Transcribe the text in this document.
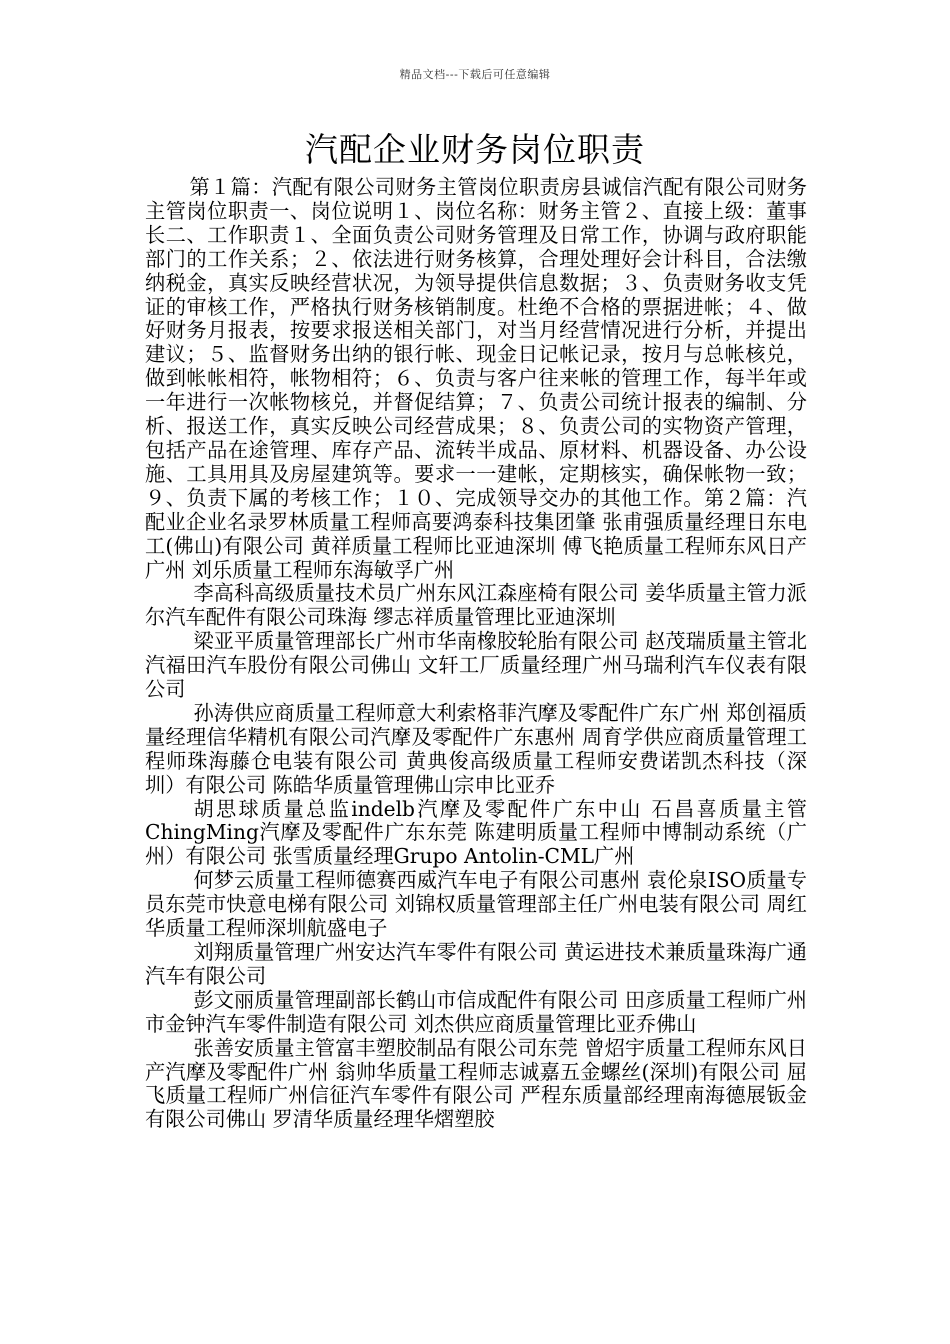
精品文档---下载后可任意编辑
汽配企业财务岗位职责

第１篇：汽配有限公司财务主管岗位职责房县诚信汽配有限公司财务主管岗位职责一、岗位说明１、岗位名称：财务主管２、直接上级：董事长二、工作职责１、全面负责公司财务管理及日常工作，协调与政府职能部门的工作关系；２、依法进行财务核算，合理处理好会计科目，合法缴纳税金，真实反映经营状况，为领导提供信息数据；３、负责财务收支凭证的审核工作，严格执行财务核销制度。杜绝不合格的票据进帐；４、做好财务月报表，按要求报送相关部门，对当月经营情况进行分析，并提出建议；５、监督财务出纳的银行帐、现金日记帐记录，按月与总帐核兑，做到帐帐相符，帐物相符；６、负责与客户往来帐的管理工作，每半年或一年进行一次帐物核兑，并督促结算；７、负责公司统计报表的编制、分析、报送工作，真实反映公司经营成果；８、负责公司的实物资产管理，包括产品在途管理、库存产品、流转半成品、原材料、机器设备、办公设施、工具用具及房屋建筑等。要求一一建帐，定期核实，确保帐物一致；９、负责下属的考核工作；１０、完成领导交办的其他工作。第２篇：汽配业企业名录罗林质量工程师高要鸿泰科技集团肇 张甫强质量经理日东电工(佛山)有限公司 黄祥质量工程师比亚迪深圳 傅飞艳质量工程师东风日产广州 刘乐质量工程师东海敏孚广州

李高科高级质量技术员广州东风江森座椅有限公司 姜华质量主管力派尔汽车配件有限公司珠海 缪志祥质量管理比亚迪深圳

梁亚平质量管理部长广州市华南橡胶轮胎有限公司 赵茂瑞质量主管北汽福田汽车股份有限公司佛山 文轩工厂质量经理广州马瑞利汽车仪表有限公司

孙涛供应商质量工程师意大利索格菲汽摩及零配件广东广州 郑创福质量经理信华精机有限公司汽摩及零配件广东惠州 周育学供应商质量管理工程师珠海藤仓电装有限公司 黄典俊高级质量工程师安费诺凯杰科技（深圳）有限公司 陈皓华质量管理佛山宗申比亚乔

胡思球质量总监indelb汽摩及零配件广东中山 石昌喜质量主管ChingMing汽摩及零配件广东东莞 陈建明质量工程师中博制动系统（广州）有限公司 张雪质量经理Grupo Antolin-CML广州

何梦云质量工程师德赛西威汽车电子有限公司惠州 袁伦泉ISO质量专员东莞市快意电梯有限公司 刘锦权质量管理部主任广州电装有限公司 周红华质量工程师深圳航盛电子

刘翔质量管理广州安达汽车零件有限公司 黄运进技术兼质量珠海广通汽车有限公司

彭文丽质量管理副部长鹤山市信成配件有限公司 田彦质量工程师广州市金钟汽车零件制造有限公司 刘杰供应商质量管理比亚乔佛山

张善安质量主管富丰塑胶制品有限公司东莞 曾炤宇质量工程师东风日产汽摩及零配件广州 翁帅华质量工程师志诚嘉五金螺丝(深圳)有限公司 屈飞质量工程师广州信征汽车零件有限公司 严程东质量部经理南海德展钣金有限公司佛山 罗清华质量经理华熠塑胶
